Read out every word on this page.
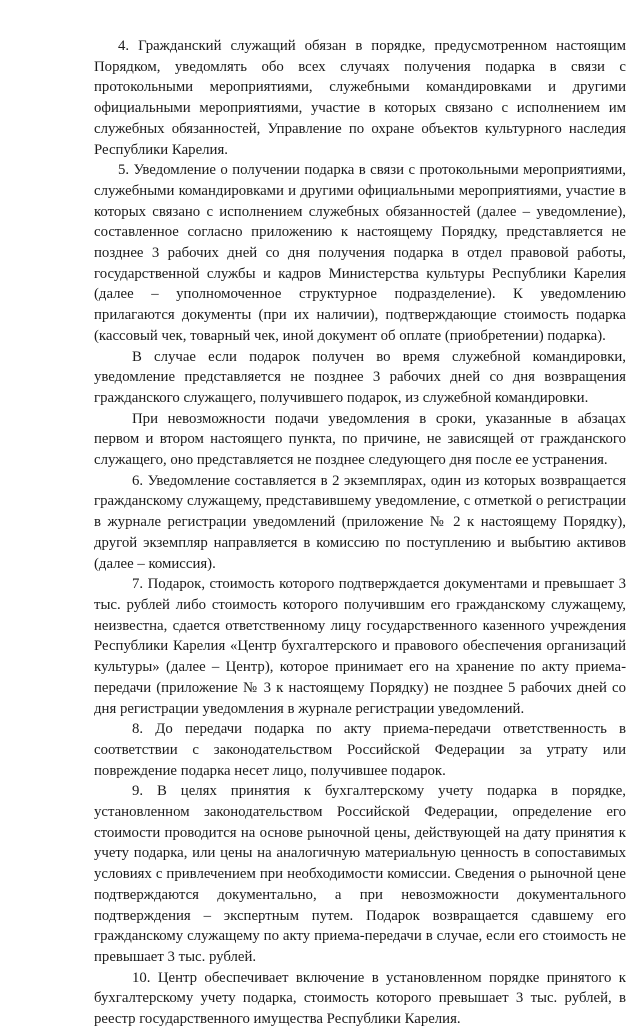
4. Гражданский служащий обязан в порядке, предусмотренном настоящим Порядком, уведомлять обо всех случаях получения подарка в связи с протокольными мероприятиями, служебными командировками и другими официальными мероприятиями, участие в которых связано с исполнением им служебных обязанностей, Управление по охране объектов культурного наследия Республики Карелия.

5. Уведомление о получении подарка в связи с протокольными мероприятиями, служебными командировками и другими официальными мероприятиями, участие в которых связано с исполнением служебных обязанностей (далее – уведомление), составленное согласно приложению к настоящему Порядку, представляется не позднее 3 рабочих дней со дня получения подарка в отдел правовой работы, государственной службы и кадров Министерства культуры Республики Карелия (далее – уполномоченное структурное подразделение). К уведомлению прилагаются документы (при их наличии), подтверждающие стоимость подарка (кассовый чек, товарный чек, иной документ об оплате (приобретении) подарка).

В случае если подарок получен во время служебной командировки, уведомление представляется не позднее 3 рабочих дней со дня возвращения гражданского служащего, получившего подарок, из служебной командировки.

При невозможности подачи уведомления в сроки, указанные в абзацах первом и втором настоящего пункта, по причине, не зависящей от гражданского служащего, оно представляется не позднее следующего дня после ее устранения.

6. Уведомление составляется в 2 экземплярах, один из которых возвращается гражданскому служащему, представившему уведомление, с отметкой о регистрации в журнале регистрации уведомлений (приложение № 2 к настоящему Порядку), другой экземпляр направляется в комиссию по поступлению и выбытию активов (далее – комиссия).

7. Подарок, стоимость которого подтверждается документами и превышает 3 тыс. рублей либо стоимость которого получившим его гражданскому служащему, неизвестна, сдается ответственному лицу государственного казенного учреждения Республики Карелия «Центр бухгалтерского и правового обеспечения организаций культуры» (далее – Центр), которое принимает его на хранение по акту приема-передачи (приложение № 3 к настоящему Порядку) не позднее 5 рабочих дней со дня регистрации уведомления в журнале регистрации уведомлений.

8. До передачи подарка по акту приема-передачи ответственность в соответствии с законодательством Российской Федерации за утрату или повреждение подарка несет лицо, получившее подарок.

9. В целях принятия к бухгалтерскому учету подарка в порядке, установленном законодательством Российской Федерации, определение его стоимости проводится на основе рыночной цены, действующей на дату принятия к учету подарка, или цены на аналогичную материальную ценность в сопоставимых условиях с привлечением при необходимости комиссии. Сведения о рыночной цене подтверждаются документально, а при невозможности документального подтверждения – экспертным путем. Подарок возвращается сдавшему его гражданскому служащему по акту приема-передачи в случае, если его стоимость не превышает 3 тыс. рублей.

10. Центр обеспечивает включение в установленном порядке принятого к бухгалтерскому учету подарка, стоимость которого превышает 3 тыс. рублей, в реестр государственного имущества Республики Карелия.
